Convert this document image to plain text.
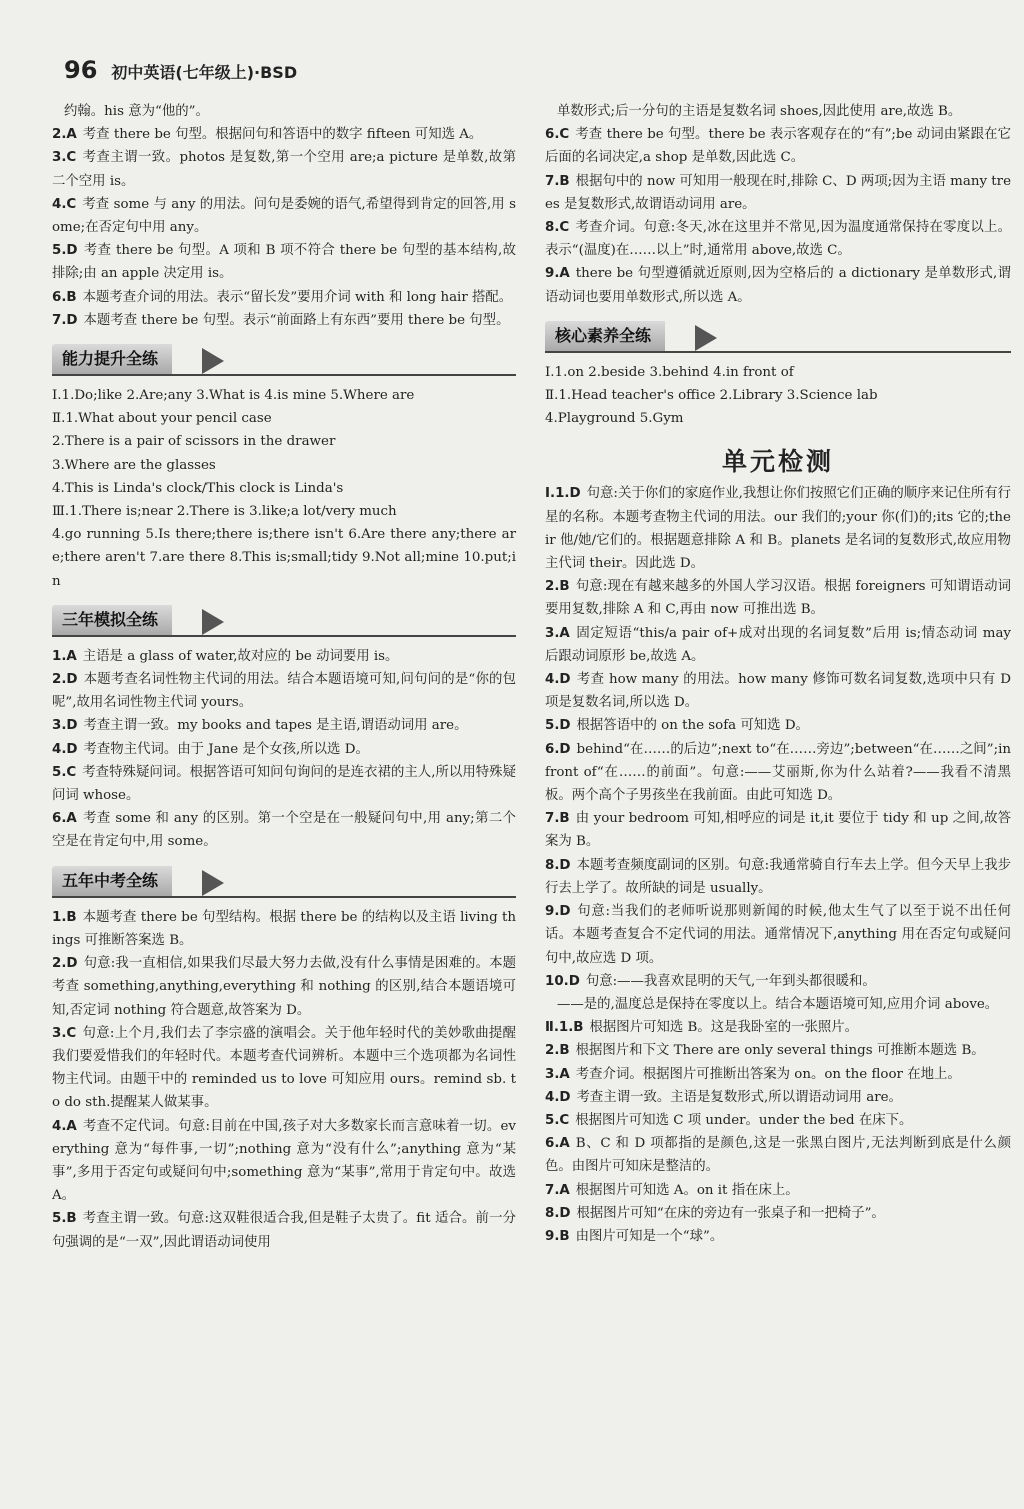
96 初中英语(七年级上)·BSD

约翰。his 意为“他的”。

2.A 考查 there be 句型。根据问句和答语中的数字 fifteen 可知选 A。

3.C 考查主谓一致。photos 是复数,第一个空用 are;a picture 是单数,故第二个空用 is。

4.C 考查 some 与 any 的用法。问句是委婉的语气,希望得到肯定的回答,用 some;在否定句中用 any。

5.D 考查 there be 句型。A 项和 B 项不符合 there be 句型的基本结构,故排除;由 an apple 决定用 is。

6.B 本题考查介词的用法。表示“留长发”要用介词 with 和 long hair 搭配。

7.D 本题考查 there be 句型。表示“前面路上有东西”要用 there be 句型。

能力提升全练

Ⅰ.1.Do;like 2.Are;any 3.What is 4.is mine 5.Where are

Ⅱ.1.What about your pencil case

2.There is a pair of scissors in the drawer

3.Where are the glasses

4.This is Linda's clock/This clock is Linda's

Ⅲ.1.There is;near 2.There is 3.like;a lot/very much

4.go running 5.Is there;there is;there isn't 6.Are there any;there are;there aren't 7.are there 8.This is;small;tidy 9.Not all;mine 10.put;in

三年模拟全练

1.A 主语是 a glass of water,故对应的 be 动词要用 is。

2.D 本题考查名词性物主代词的用法。结合本题语境可知,问句问的是“你的包呢”,故用名词性物主代词 yours。

3.D 考查主谓一致。my books and tapes 是主语,谓语动词用 are。

4.D 考查物主代词。由于 Jane 是个女孩,所以选 D。

5.C 考查特殊疑问词。根据答语可知问句询问的是连衣裙的主人,所以用特殊疑问词 whose。

6.A 考查 some 和 any 的区别。第一个空是在一般疑问句中,用 any;第二个空是在肯定句中,用 some。

五年中考全练

1.B 本题考查 there be 句型结构。根据 there be 的结构以及主语 living things 可推断答案选 B。

2.D 句意:我一直相信,如果我们尽最大努力去做,没有什么事情是困难的。本题考查 something,anything,everything 和 nothing 的区别,结合本题语境可知,否定词 nothing 符合题意,故答案为 D。

3.C 句意:上个月,我们去了李宗盛的演唱会。关于他年轻时代的美妙歌曲提醒我们要爱惜我们的年轻时代。本题考查代词辨析。本题中三个选项都为名词性物主代词。由题干中的 reminded us to love 可知应用 ours。remind sb. to do sth.提醒某人做某事。

4.A 考查不定代词。句意:目前在中国,孩子对大多数家长而言意味着一切。everything 意为“每件事,一切”;nothing 意为“没有什么”;anything 意为“某事”,多用于否定句或疑问句中;something 意为“某事”,常用于肯定句中。故选 A。

5.B 考查主谓一致。句意:这双鞋很适合我,但是鞋子太贵了。fit 适合。前一分句强调的是“一双”,因此谓语动词使用

单数形式;后一分句的主语是复数名词 shoes,因此使用 are,故选 B。

6.C 考查 there be 句型。there be 表示客观存在的“有”;be 动词由紧跟在它后面的名词决定,a shop 是单数,因此选 C。

7.B 根据句中的 now 可知用一般现在时,排除 C、D 两项;因为主语 many trees 是复数形式,故谓语动词用 are。

8.C 考查介词。句意:冬天,冰在这里并不常见,因为温度通常保持在零度以上。表示“(温度)在……以上”时,通常用 above,故选 C。

9.A there be 句型遵循就近原则,因为空格后的 a dictionary 是单数形式,谓语动词也要用单数形式,所以选 A。

核心素养全练

Ⅰ.1.on 2.beside 3.behind 4.in front of

Ⅱ.1.Head teacher's office 2.Library 3.Science lab

4.Playground 5.Gym

单元检测

Ⅰ.1.D 句意:关于你们的家庭作业,我想让你们按照它们正确的顺序来记住所有行星的名称。本题考查物主代词的用法。our 我们的;your 你(们)的;its 它的;their 他/她/它们的。根据题意排除 A 和 B。planets 是名词的复数形式,故应用物主代词 their。因此选 D。

2.B 句意:现在有越来越多的外国人学习汉语。根据 foreigners 可知谓语动词要用复数,排除 A 和 C,再由 now 可推出选 B。

3.A 固定短语“this/a pair of+成对出现的名词复数”后用 is;情态动词 may 后跟动词原形 be,故选 A。

4.D 考查 how many 的用法。how many 修饰可数名词复数,选项中只有 D 项是复数名词,所以选 D。

5.D 根据答语中的 on the sofa 可知选 D。

6.D behind“在……的后边”;next to“在……旁边”;between“在……之间”;in front of“在……的前面”。句意:——艾丽斯,你为什么站着?——我看不清黑板。两个高个子男孩坐在我前面。由此可知选 D。

7.B 由 your bedroom 可知,相呼应的词是 it,it 要位于 tidy 和 up 之间,故答案为 B。

8.D 本题考查频度副词的区别。句意:我通常骑自行车去上学。但今天早上我步行去上学了。故所缺的词是 usually。

9.D 句意:当我们的老师听说那则新闻的时候,他太生气了以至于说不出任何话。本题考查复合不定代词的用法。通常情况下,anything 用在否定句或疑问句中,故应选 D 项。

10.D 句意:——我喜欢昆明的天气,一年到头都很暖和。

——是的,温度总是保持在零度以上。结合本题语境可知,应用介词 above。

Ⅱ.1.B 根据图片可知选 B。这是我卧室的一张照片。

2.B 根据图片和下文 There are only several things 可推断本题选 B。

3.A 考查介词。根据图片可推断出答案为 on。on the floor 在地上。

4.D 考查主谓一致。主语是复数形式,所以谓语动词用 are。

5.C 根据图片可知选 C 项 under。under the bed 在床下。

6.A B、C 和 D 项都指的是颜色,这是一张黑白图片,无法判断到底是什么颜色。由图片可知床是整洁的。

7.A 根据图片可知选 A。on it 指在床上。

8.D 根据图片可知“在床的旁边有一张桌子和一把椅子”。

9.B 由图片可知是一个“球”。
